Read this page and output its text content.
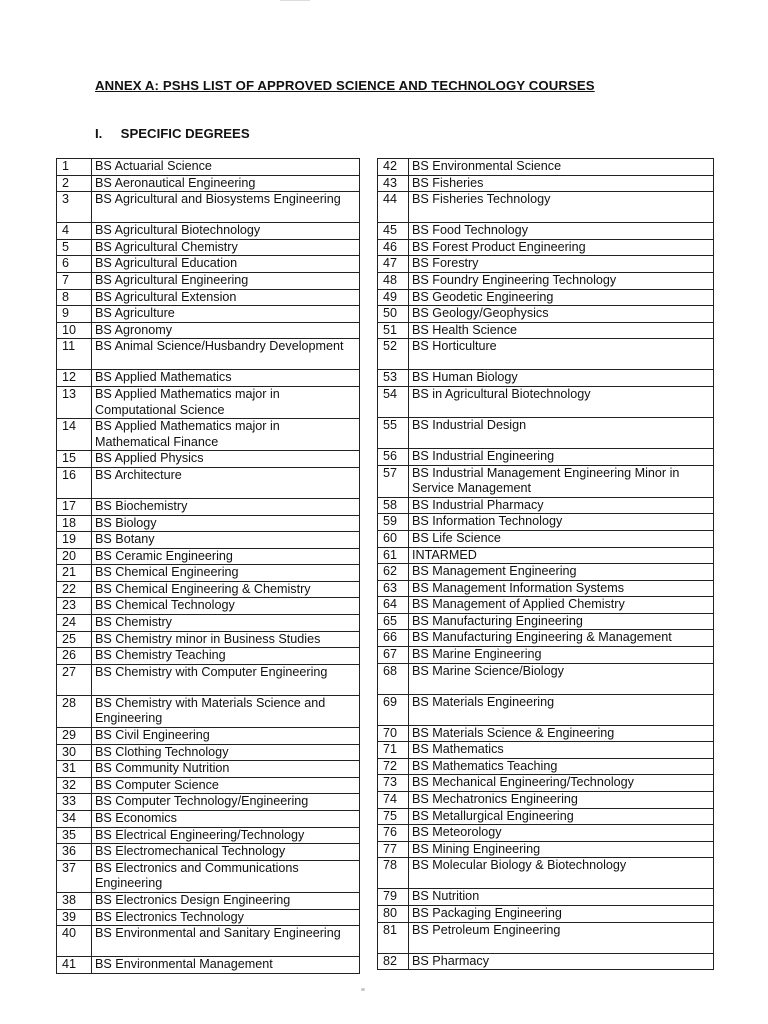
ANNEX A: PSHS LIST OF APPROVED SCIENCE AND TECHNOLOGY COURSES
I. SPECIFIC DEGREES
1	BS Actuarial Science
2	BS Aeronautical Engineering
3	BS Agricultural and Biosystems Engineering
4	BS Agricultural Biotechnology
5	BS Agricultural Chemistry
6	BS Agricultural Education
7	BS Agricultural Engineering
8	BS Agricultural Extension
9	BS Agriculture
10	BS Agronomy
11	BS Animal Science/Husbandry Development
12	BS Applied Mathematics
13	BS Applied Mathematics major in Computational Science
14	BS Applied Mathematics major in Mathematical Finance
15	BS Applied Physics
16	BS Architecture
17	BS Biochemistry
18	BS Biology
19	BS Botany
20	BS Ceramic Engineering
21	BS Chemical Engineering
22	BS Chemical Engineering & Chemistry
23	BS Chemical Technology
24	BS Chemistry
25	BS Chemistry minor in Business Studies
26	BS Chemistry Teaching
27	BS Chemistry with Computer Engineering
28	BS Chemistry with Materials Science and Engineering
29	BS Civil Engineering
30	BS Clothing Technology
31	BS Community Nutrition
32	BS Computer Science
33	BS Computer Technology/Engineering
34	BS Economics
35	BS Electrical Engineering/Technology
36	BS Electromechanical Technology
37	BS Electronics and Communications Engineering
38	BS Electronics Design Engineering
39	BS Electronics Technology
40	BS Environmental and Sanitary Engineering
41	BS Environmental Management
42	BS Environmental Science
43	BS Fisheries
44	BS Fisheries Technology
45	BS Food Technology
46	BS Forest Product Engineering
47	BS Forestry
48	BS Foundry Engineering Technology
49	BS Geodetic Engineering
50	BS Geology/Geophysics
51	BS Health Science
52	BS Horticulture
53	BS Human Biology
54	BS in Agricultural Biotechnology
55	BS Industrial Design
56	BS Industrial Engineering
57	BS Industrial Management Engineering Minor in Service Management
58	BS Industrial Pharmacy
59	BS Information Technology
60	BS Life Science
61	INTARMED
62	BS Management Engineering
63	BS Management Information Systems
64	BS Management of Applied Chemistry
65	BS Manufacturing Engineering
66	BS Manufacturing Engineering & Management
67	BS Marine Engineering
68	BS Marine Science/Biology
69	BS Materials Engineering
70	BS Materials Science & Engineering
71	BS Mathematics
72	BS Mathematics Teaching
73	BS Mechanical Engineering/Technology
74	BS Mechatronics Engineering
75	BS Metallurgical Engineering
76	BS Meteorology
77	BS Mining Engineering
78	BS Molecular Biology & Biotechnology
79	BS Nutrition
80	BS Packaging Engineering
81	BS Petroleum Engineering
82	BS Pharmacy
